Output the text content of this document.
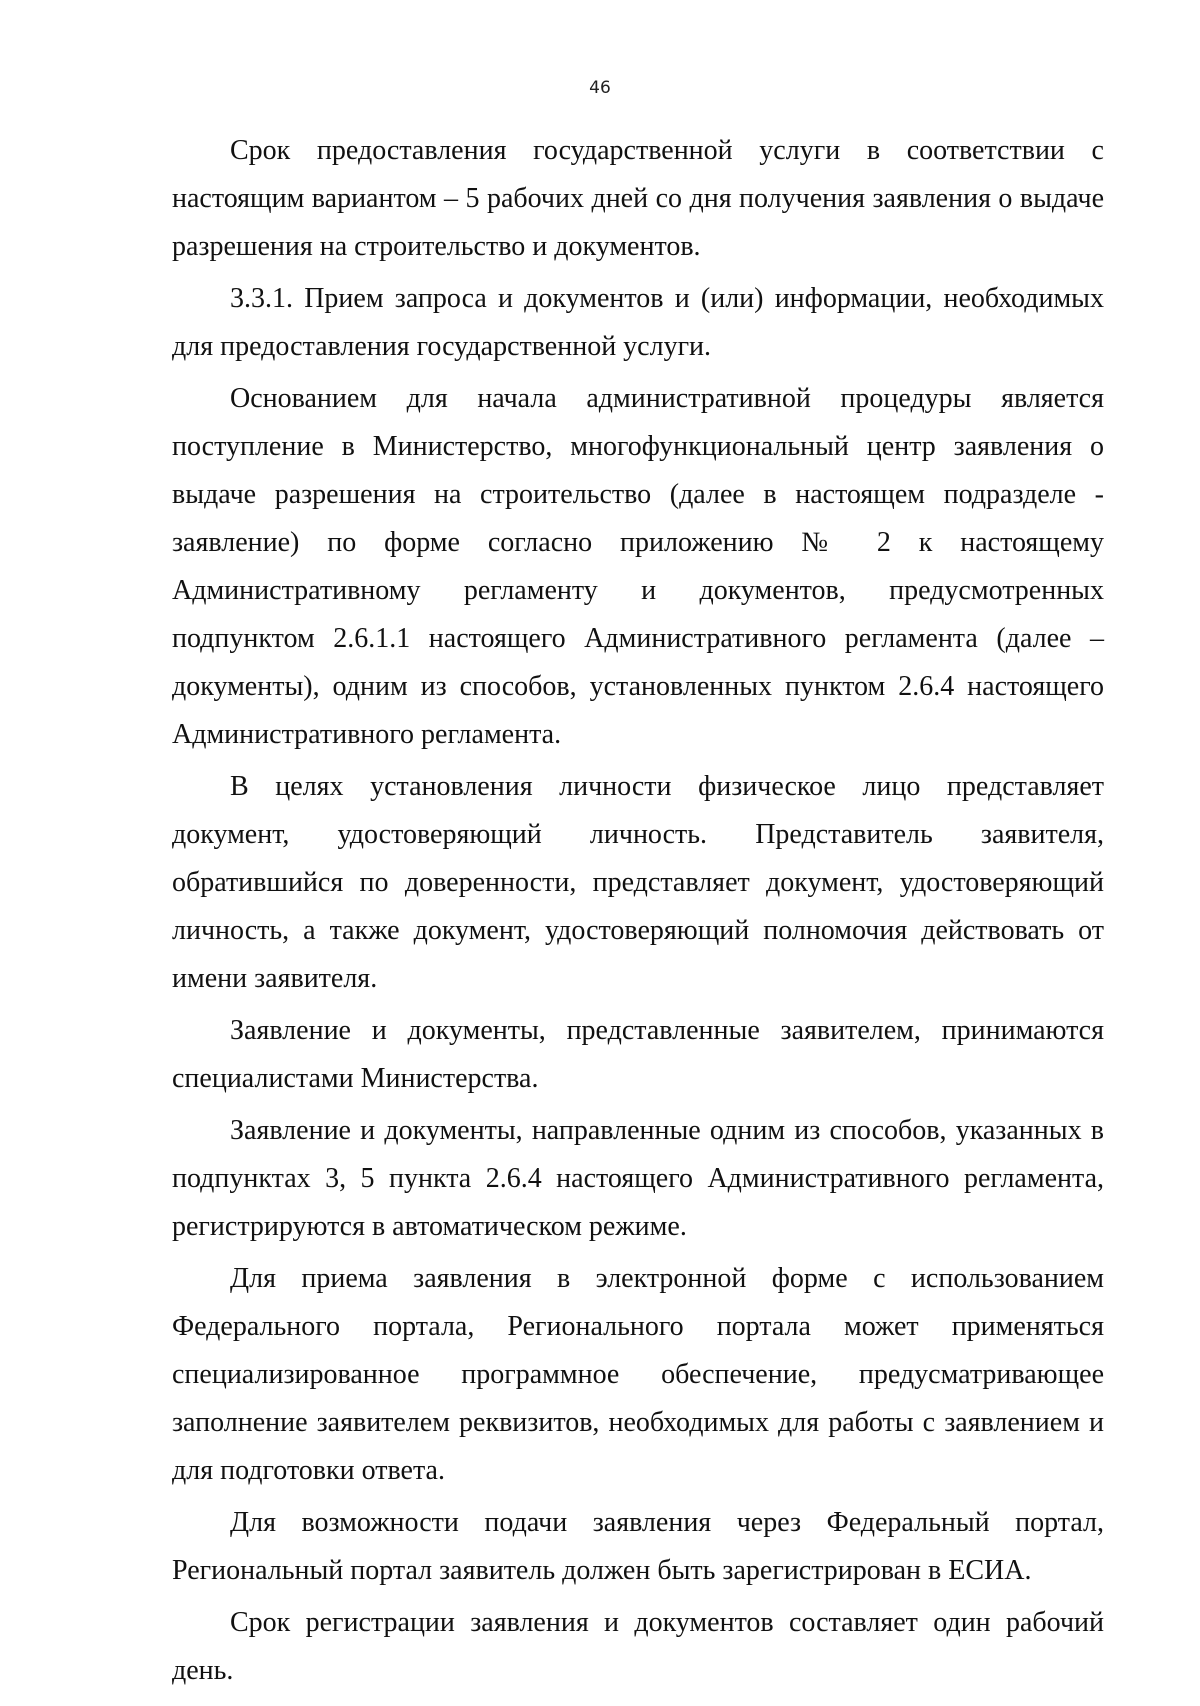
46

Срок предоставления государственной услуги в соответствии с настоящим вариантом – 5 рабочих дней со дня получения заявления о выдаче разрешения на строительство и документов.

3.3.1. Прием запроса и документов и (или) информации, необходимых для предоставления государственной услуги.

Основанием для начала административной процедуры является поступление в Министерство, многофункциональный центр заявления о выдаче разрешения на строительство (далее в настоящем подразделе - заявление) по форме согласно приложению № 2 к настоящему Административному регламенту и документов, предусмотренных подпунктом 2.6.1.1 настоящего Административного регламента (далее – документы), одним из способов, установленных пунктом 2.6.4 настоящего Административного регламента.

В целях установления личности физическое лицо представляет документ, удостоверяющий личность. Представитель заявителя, обратившийся по доверенности, представляет документ, удостоверяющий личность, а также документ, удостоверяющий полномочия действовать от имени заявителя.

Заявление и документы, представленные заявителем, принимаются специалистами Министерства.

Заявление и документы, направленные одним из способов, указанных в подпунктах 3, 5 пункта 2.6.4 настоящего Административного регламента, регистрируются в автоматическом режиме.

Для приема заявления в электронной форме с использованием Федерального портала, Регионального портала может применяться специализированное программное обеспечение, предусматривающее заполнение заявителем реквизитов, необходимых для работы с заявлением и для подготовки ответа.

Для возможности подачи заявления через Федеральный портал, Региональный портал заявитель должен быть зарегистрирован в ЕСИА.

Срок регистрации заявления и документов составляет один рабочий день.
